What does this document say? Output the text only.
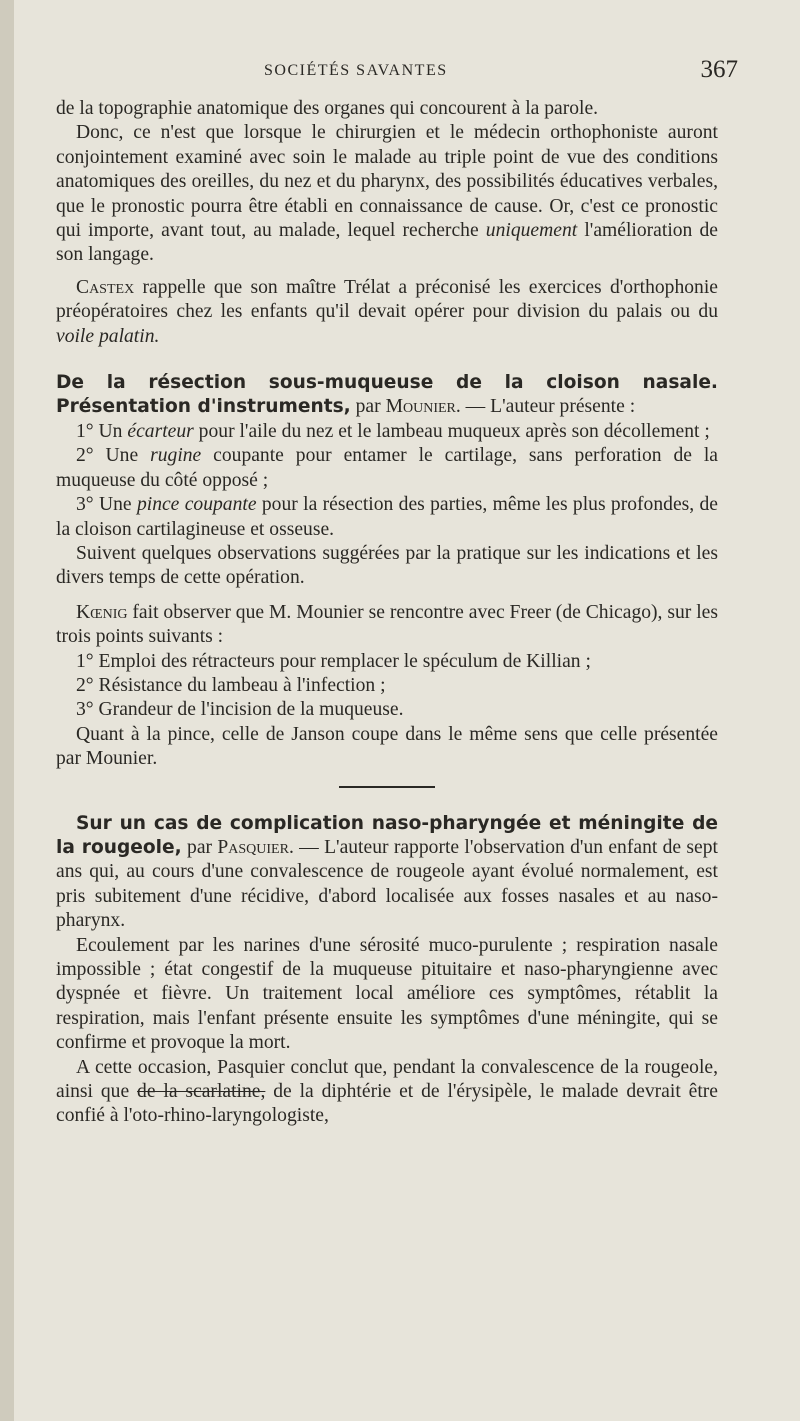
SOCIÉTÉS SAVANTES	367

de la topographie anatomique des organes qui concourent à la parole.

Donc, ce n'est que lorsque le chirurgien et le médecin orthophoniste auront conjointement examiné avec soin le malade au triple point de vue des conditions anatomiques des oreilles, du nez et du pharynx, des possibilités éducatives verbales, que le pronostic pourra être établi en connaissance de cause. Or, c'est ce pronostic qui importe, avant tout, au malade, lequel recherche uniquement l'amélioration de son langage.

Castex rappelle que son maître Trélat a préconisé les exercices d'orthophonie préopératoires chez les enfants qu'il devait opérer pour division du palais ou du voile palatin.

De la résection sous-muqueuse de la cloison nasale. Présentation d'instruments, par Mounier. — L'auteur présente :

1° Un écarteur pour l'aile du nez et le lambeau muqueux après son décollement ;

2° Une rugine coupante pour entamer le cartilage, sans perforation de la muqueuse du côté opposé ;

3° Une pince coupante pour la résection des parties, même les plus profondes, de la cloison cartilagineuse et osseuse.

Suivent quelques observations suggérées par la pratique sur les indications et les divers temps de cette opération.

Kœnig fait observer que M. Mounier se rencontre avec Freer (de Chicago), sur les trois points suivants :

1° Emploi des rétracteurs pour remplacer le spéculum de Killian ;

2° Résistance du lambeau à l'infection ;

3° Grandeur de l'incision de la muqueuse.

Quant à la pince, celle de Janson coupe dans le même sens que celle présentée par Mounier.

Sur un cas de complication naso-pharyngée et méningite de la rougeole, par Pasquier. — L'auteur rapporte l'observation d'un enfant de sept ans qui, au cours d'une convalescence de rougeole ayant évolué normalement, est pris subitement d'une récidive, d'abord localisée aux fosses nasales et au naso-pharynx.

Ecoulement par les narines d'une sérosité muco-purulente ; respiration nasale impossible ; état congestif de la muqueuse pituitaire et naso-pharyngienne avec dyspnée et fièvre. Un traitement local améliore ces symptômes, rétablit la respiration, mais l'enfant présente ensuite les symptômes d'une méningite, qui se confirme et provoque la mort.

A cette occasion, Pasquier conclut que, pendant la convalescence de la rougeole, ainsi que de la scarlatine, de la diphtérie et de l'érysipèle, le malade devrait être confié à l'oto-rhino-laryngologiste,
